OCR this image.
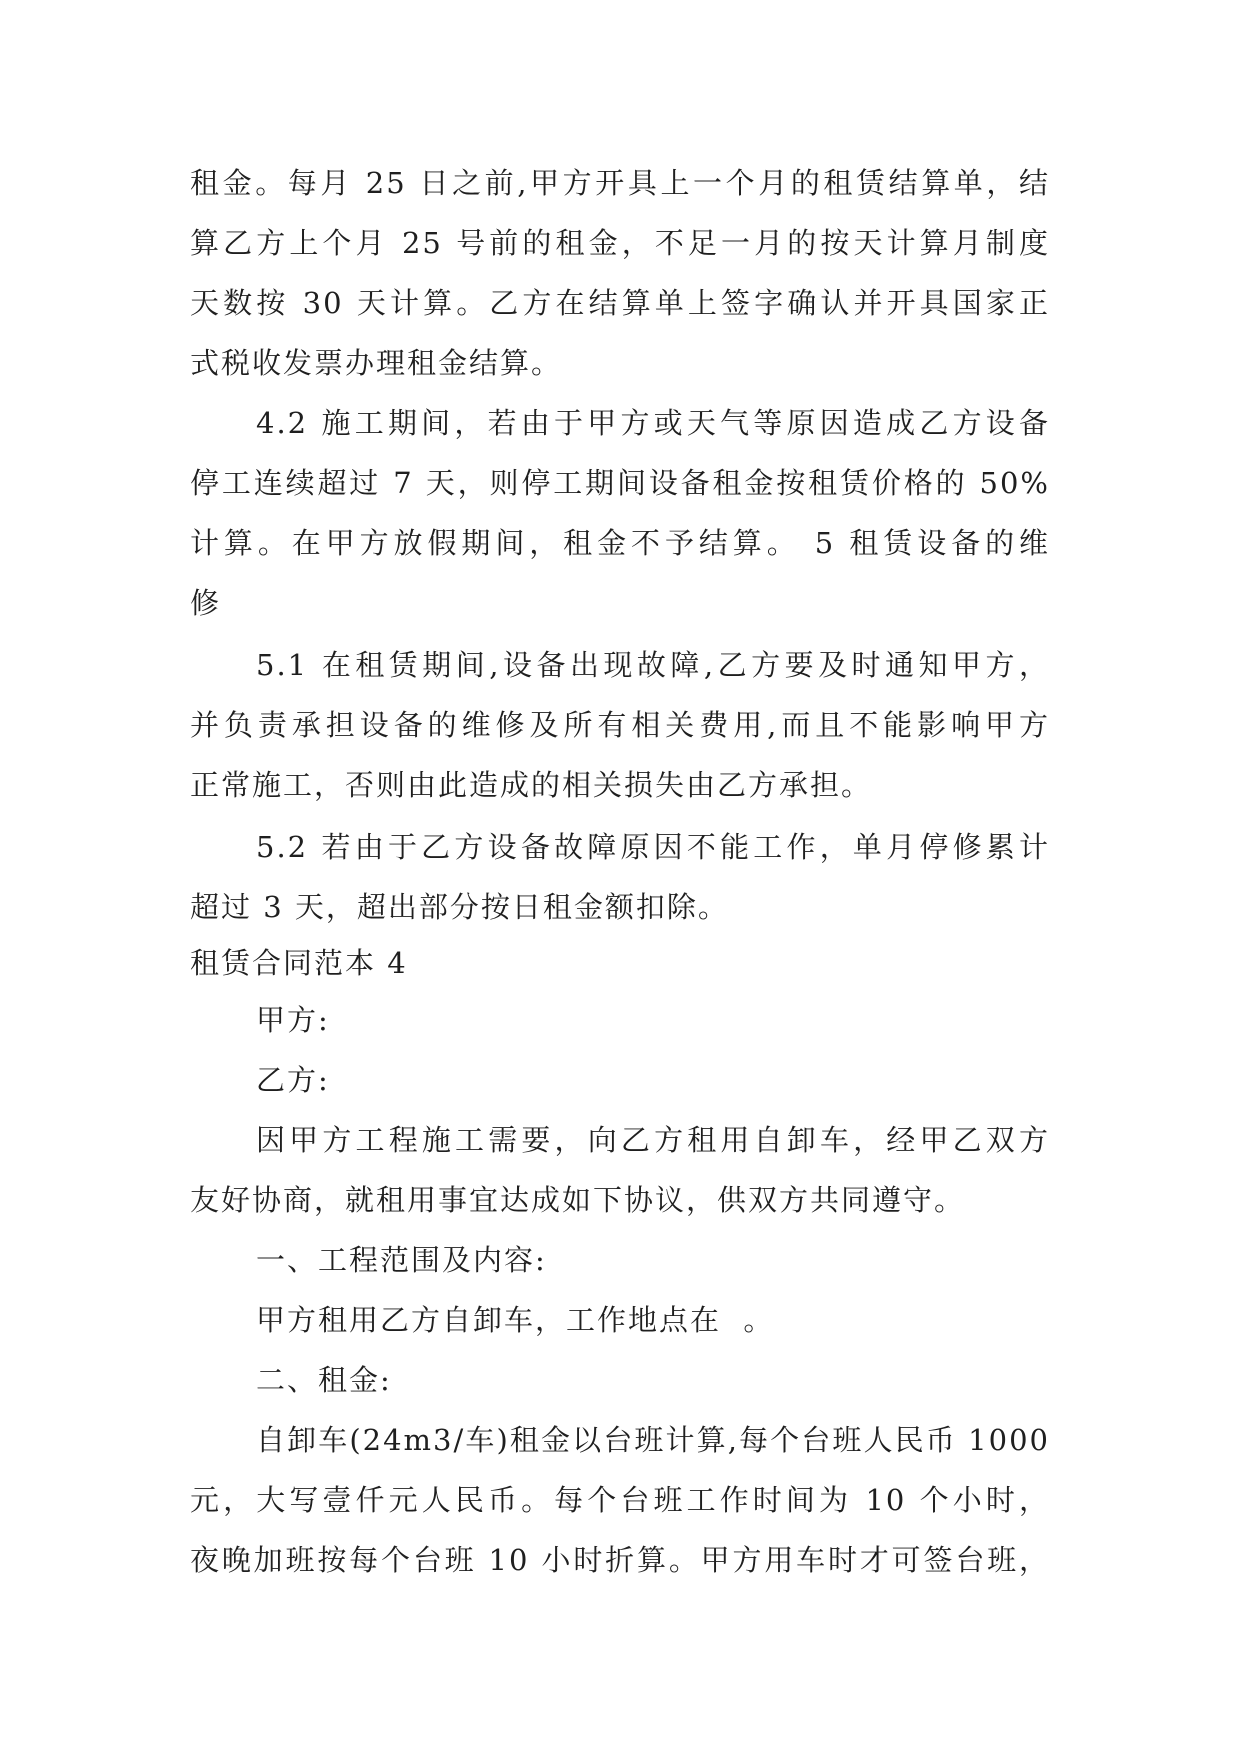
租金。每月 25 日之前,甲方开具上一个月的租赁结算单，结
算乙方上个月 25 号前的租金，不足一月的按天计算月制度
天数按 30 天计算。乙方在结算单上签字确认并开具国家正
式税收发票办理租金结算。
4.2 施工期间，若由于甲方或天气等原因造成乙方设备
停工连续超过 7 天，则停工期间设备租金按租赁价格的 50%
计算。在甲方放假期间，租金不予结算。 5 租赁设备的维
修
5.1 在租赁期间,设备出现故障,乙方要及时通知甲方，
并负责承担设备的维修及所有相关费用,而且不能影响甲方
正常施工，否则由此造成的相关损失由乙方承担。
5.2 若由于乙方设备故障原因不能工作，单月停修累计
超过 3 天，超出部分按日租金额扣除。
租赁合同范本 4
甲方:
乙方:
因甲方工程施工需要，向乙方租用自卸车，经甲乙双方
友好协商，就租用事宜达成如下协议，供双方共同遵守。
一、工程范围及内容:
甲方租用乙方自卸车，工作地点在  。
二、租金:
自卸车(24m3/车)租金以台班计算,每个台班人民币 1000
元，大写壹仟元人民币。每个台班工作时间为 10 个小时，
夜晚加班按每个台班 10 小时折算。甲方用车时才可签台班，
